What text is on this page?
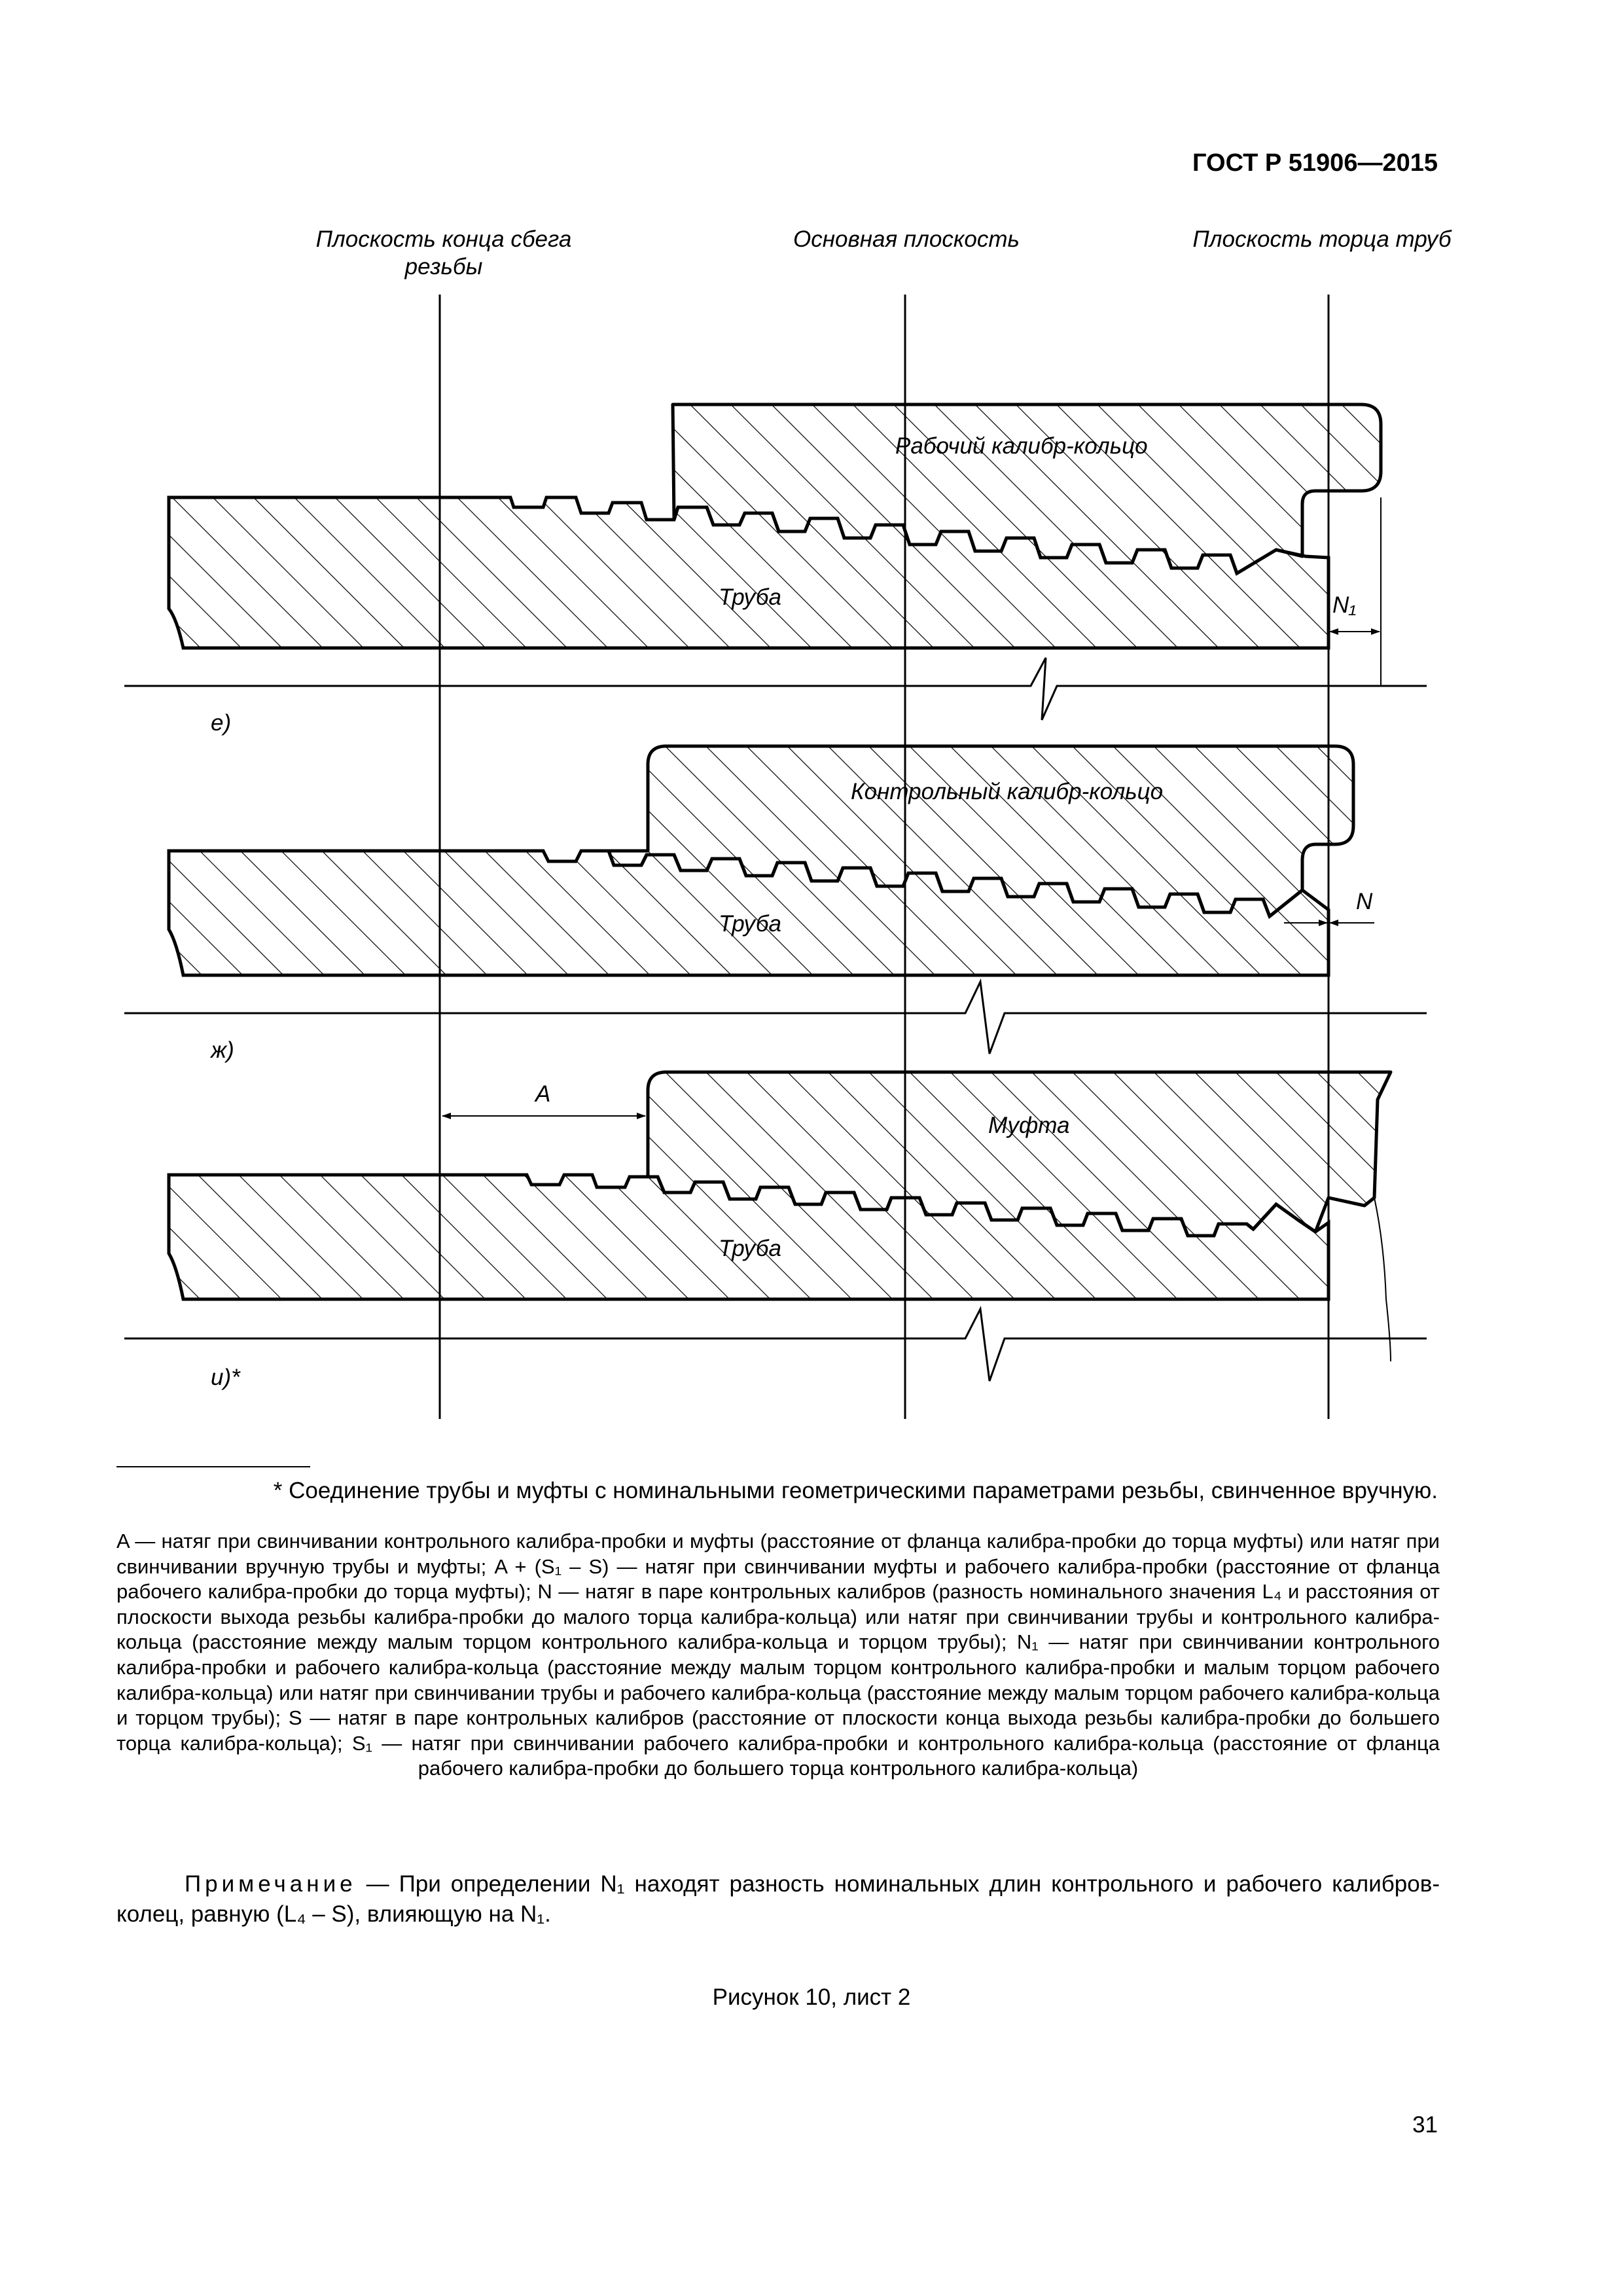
ГОСТ Р 51906—2015
Плоскость конца сбега резьбы
Основная плоскость	Плоскость торца труб
Рабочий калибр-кольцо
Труба	N₁
е)
Контрольный калибр-кольцо
Труба
N
ж)
Муфта
Труба
A
и)*
* Соединение трубы и муфты с номинальными геометрическими параметрами резьбы, свинченное вручную.
A — натяг при свинчивании контрольного калибра-пробки и муфты (расстояние от фланца калибра-пробки до торца муфты) или натяг при свинчивании вручную трубы и муфты; A + (S₁ – S) — натяг при свинчивании муфты и рабочего калибра-пробки (расстояние от фланца рабочего калибра-пробки до торца муфты); N — натяг в паре контрольных калибров (разность номинального значения L₄ и расстояния от плоскости выхода резьбы калибра-пробки до малого торца калибра-кольца) или натяг при свинчивании трубы и контрольного калибра-кольца (расстояние между малым торцом контрольного калибра-кольца и торцом трубы); N₁ — натяг при свинчивании контрольного калибра-пробки и рабочего калибра-кольца (расстояние между малым торцом контрольного калибра-пробки и малым торцом рабочего калибра-кольца) или натяг при свинчивании трубы и рабочего калибра-кольца (расстояние между малым торцом рабочего калибра-кольца и торцом трубы); S — натяг в паре контрольных калибров (расстояние от плоскости конца выхода резьбы калибра-пробки до большего торца калибра-кольца); S₁ — натяг при свинчивании рабочего калибра-пробки и контрольного калибра-кольца (расстояние от фланца рабочего калибра-пробки до большего торца контрольного калибра-кольца)
Примечание — При определении N₁ находят разность номинальных длин контрольного и рабочего калибров-колец, равную (L₄ – S), влияющую на N₁.
Рисунок 10, лист 2
31
